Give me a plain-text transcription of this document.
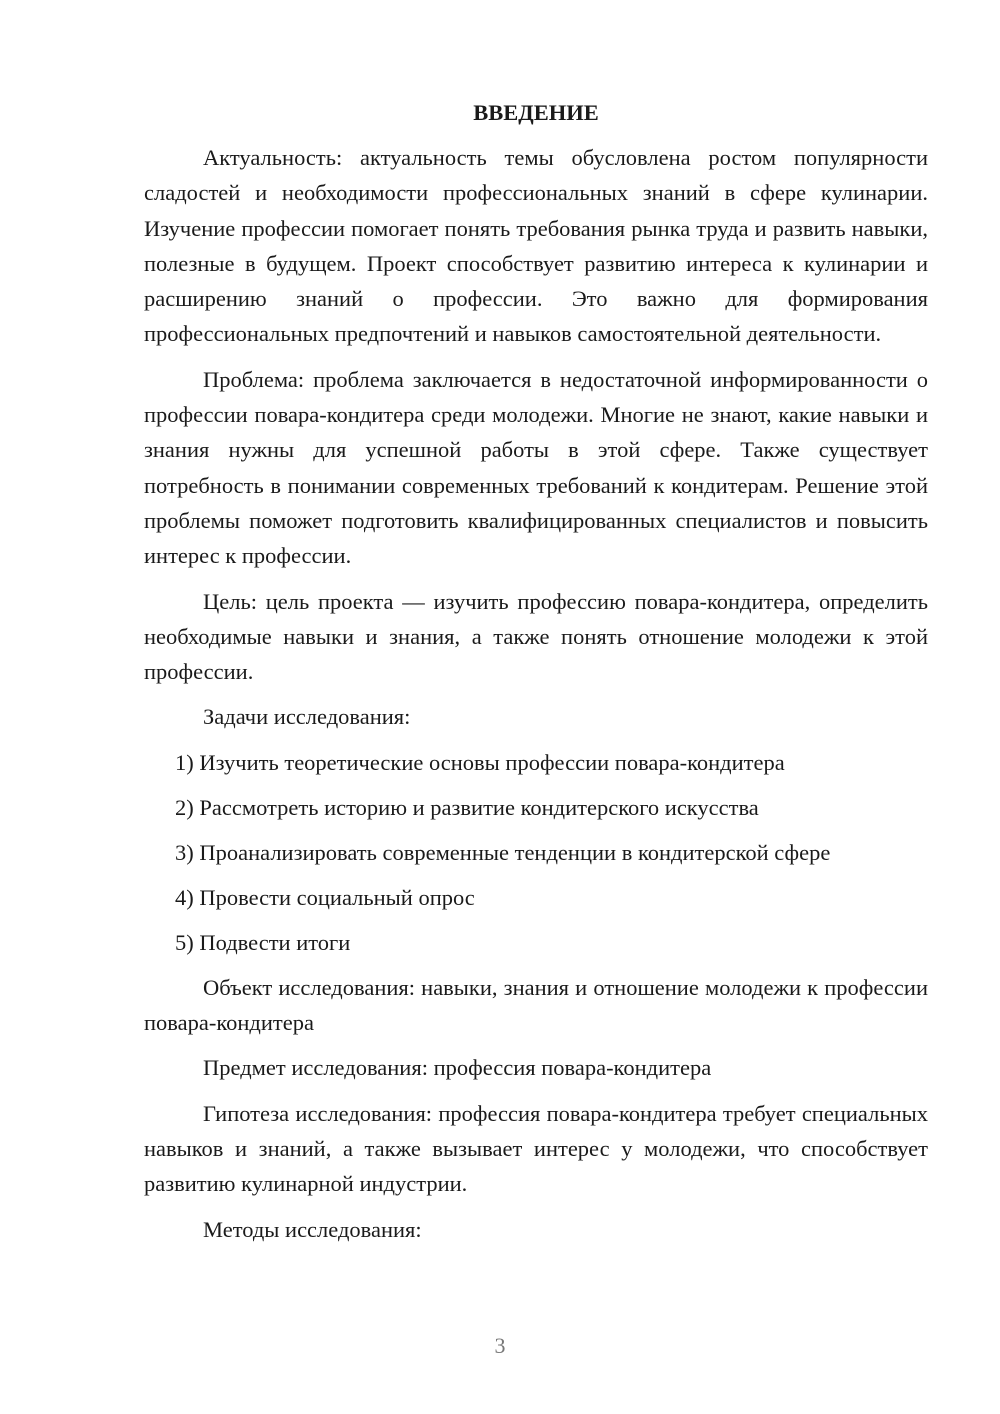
ВВЕДЕНИЕ

Актуальность: актуальность темы обусловлена ростом популярности сладостей и необходимости профессиональных знаний в сфере кулинарии. Изучение профессии помогает понять требования рынка труда и развить навыки, полезные в будущем. Проект способствует развитию интереса к кулинарии и расширению знаний о профессии. Это важно для формирования профессиональных предпочтений и навыков самостоятельной деятельности.

Проблема: проблема заключается в недостаточной информированности о профессии повара-кондитера среди молодежи. Многие не знают, какие навыки и знания нужны для успешной работы в этой сфере. Также существует потребность в понимании современных требований к кондитерам. Решение этой проблемы поможет подготовить квалифицированных специалистов и повысить интерес к профессии.

Цель: цель проекта — изучить профессию повара-кондитера, определить необходимые навыки и знания, а также понять отношение молодежи к этой профессии.

Задачи исследования:

1) Изучить теоретические основы профессии повара-кондитера
2) Рассмотреть историю и развитие кондитерского искусства
3) Проанализировать современные тенденции в кондитерской сфере
4) Провести социальный опрос
5) Подвести итоги

Объект исследования: навыки, знания и отношение молодежи к профессии повара-кондитера

Предмет исследования: профессия повара-кондитера

Гипотеза исследования: профессия повара-кондитера требует специальных навыков и знаний, а также вызывает интерес у молодежи, что способствует развитию кулинарной индустрии.

Методы исследования:

3
